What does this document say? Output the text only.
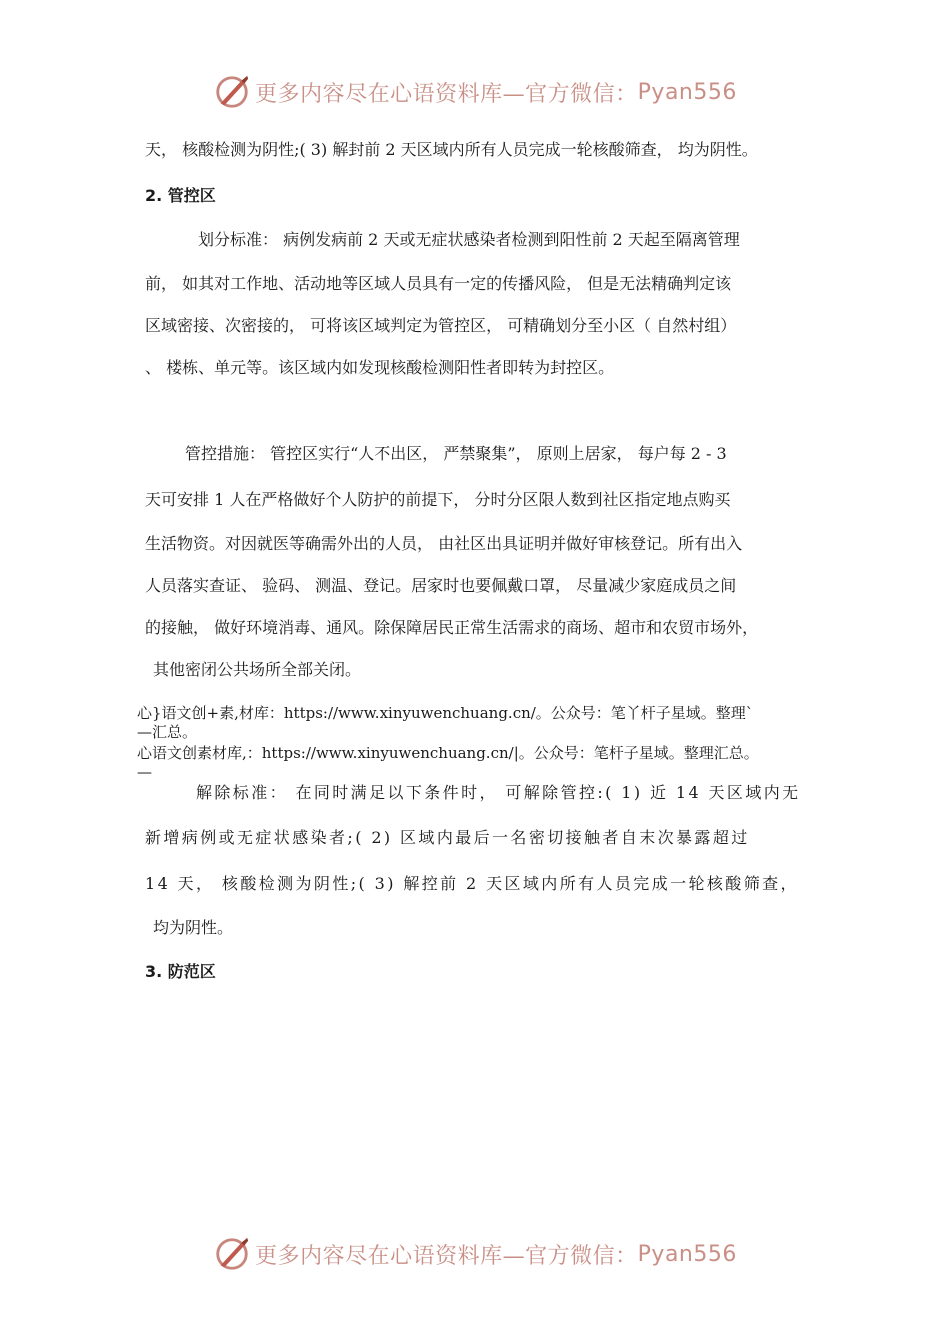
更多内容尽在心语资料库—官方微信： Pyan556
天， 核酸检测为阴性;( 3) 解封前 2 天区域内所有人员完成一轮核酸筛查， 均为阴性。
2. 管控区
划分标准： 病例发病前 2 天或无症状感染者检测到阳性前 2 天起至隔离管理
前， 如其对工作地、活动地等区域人员具有一定的传播风险， 但是无法精确判定该
区域密接、次密接的， 可将该区域判定为管控区， 可精确划分至小区（ 自然村组）
、 楼栋、单元等。该区域内如发现核酸检测阳性者即转为封控区。
管控措施： 管控区实行“人不出区， 严禁聚集”， 原则上居家， 每户每 2 - 3
天可安排 1 人在严格做好个人防护的前提下， 分时分区限人数到社区指定地点购买
生活物资。对因就医等确需外出的人员， 由社区出具证明并做好审核登记。所有出入
人员落实查证、 验码、 测温、登记。居家时也要佩戴口罩， 尽量减少家庭成员之间
的接触， 做好环境消毒、通风。除保障居民正常生活需求的商场、超市和农贸市场外，
其他密闭公共场所全部关闭。
心}语文创+素,材库：https://www.xinyuwenchuang.cn/。公众号：笔丫杆子星域。整理`
—汇总。
心语文创素材库,：https://www.xinyuwenchuang.cn/|。公众号：笔杆子星域。整理汇总。
—
解除标准： 在同时满足以下条件时， 可解除管控:( 1) 近 14 天区域内无
新增病例或无症状感染者;( 2) 区域内最后一名密切接触者自末次暴露超过
14 天， 核酸检测为阴性;( 3) 解控前 2 天区域内所有人员完成一轮核酸筛查，
均为阴性。
3. 防范区
更多内容尽在心语资料库—官方微信： Pyan556
